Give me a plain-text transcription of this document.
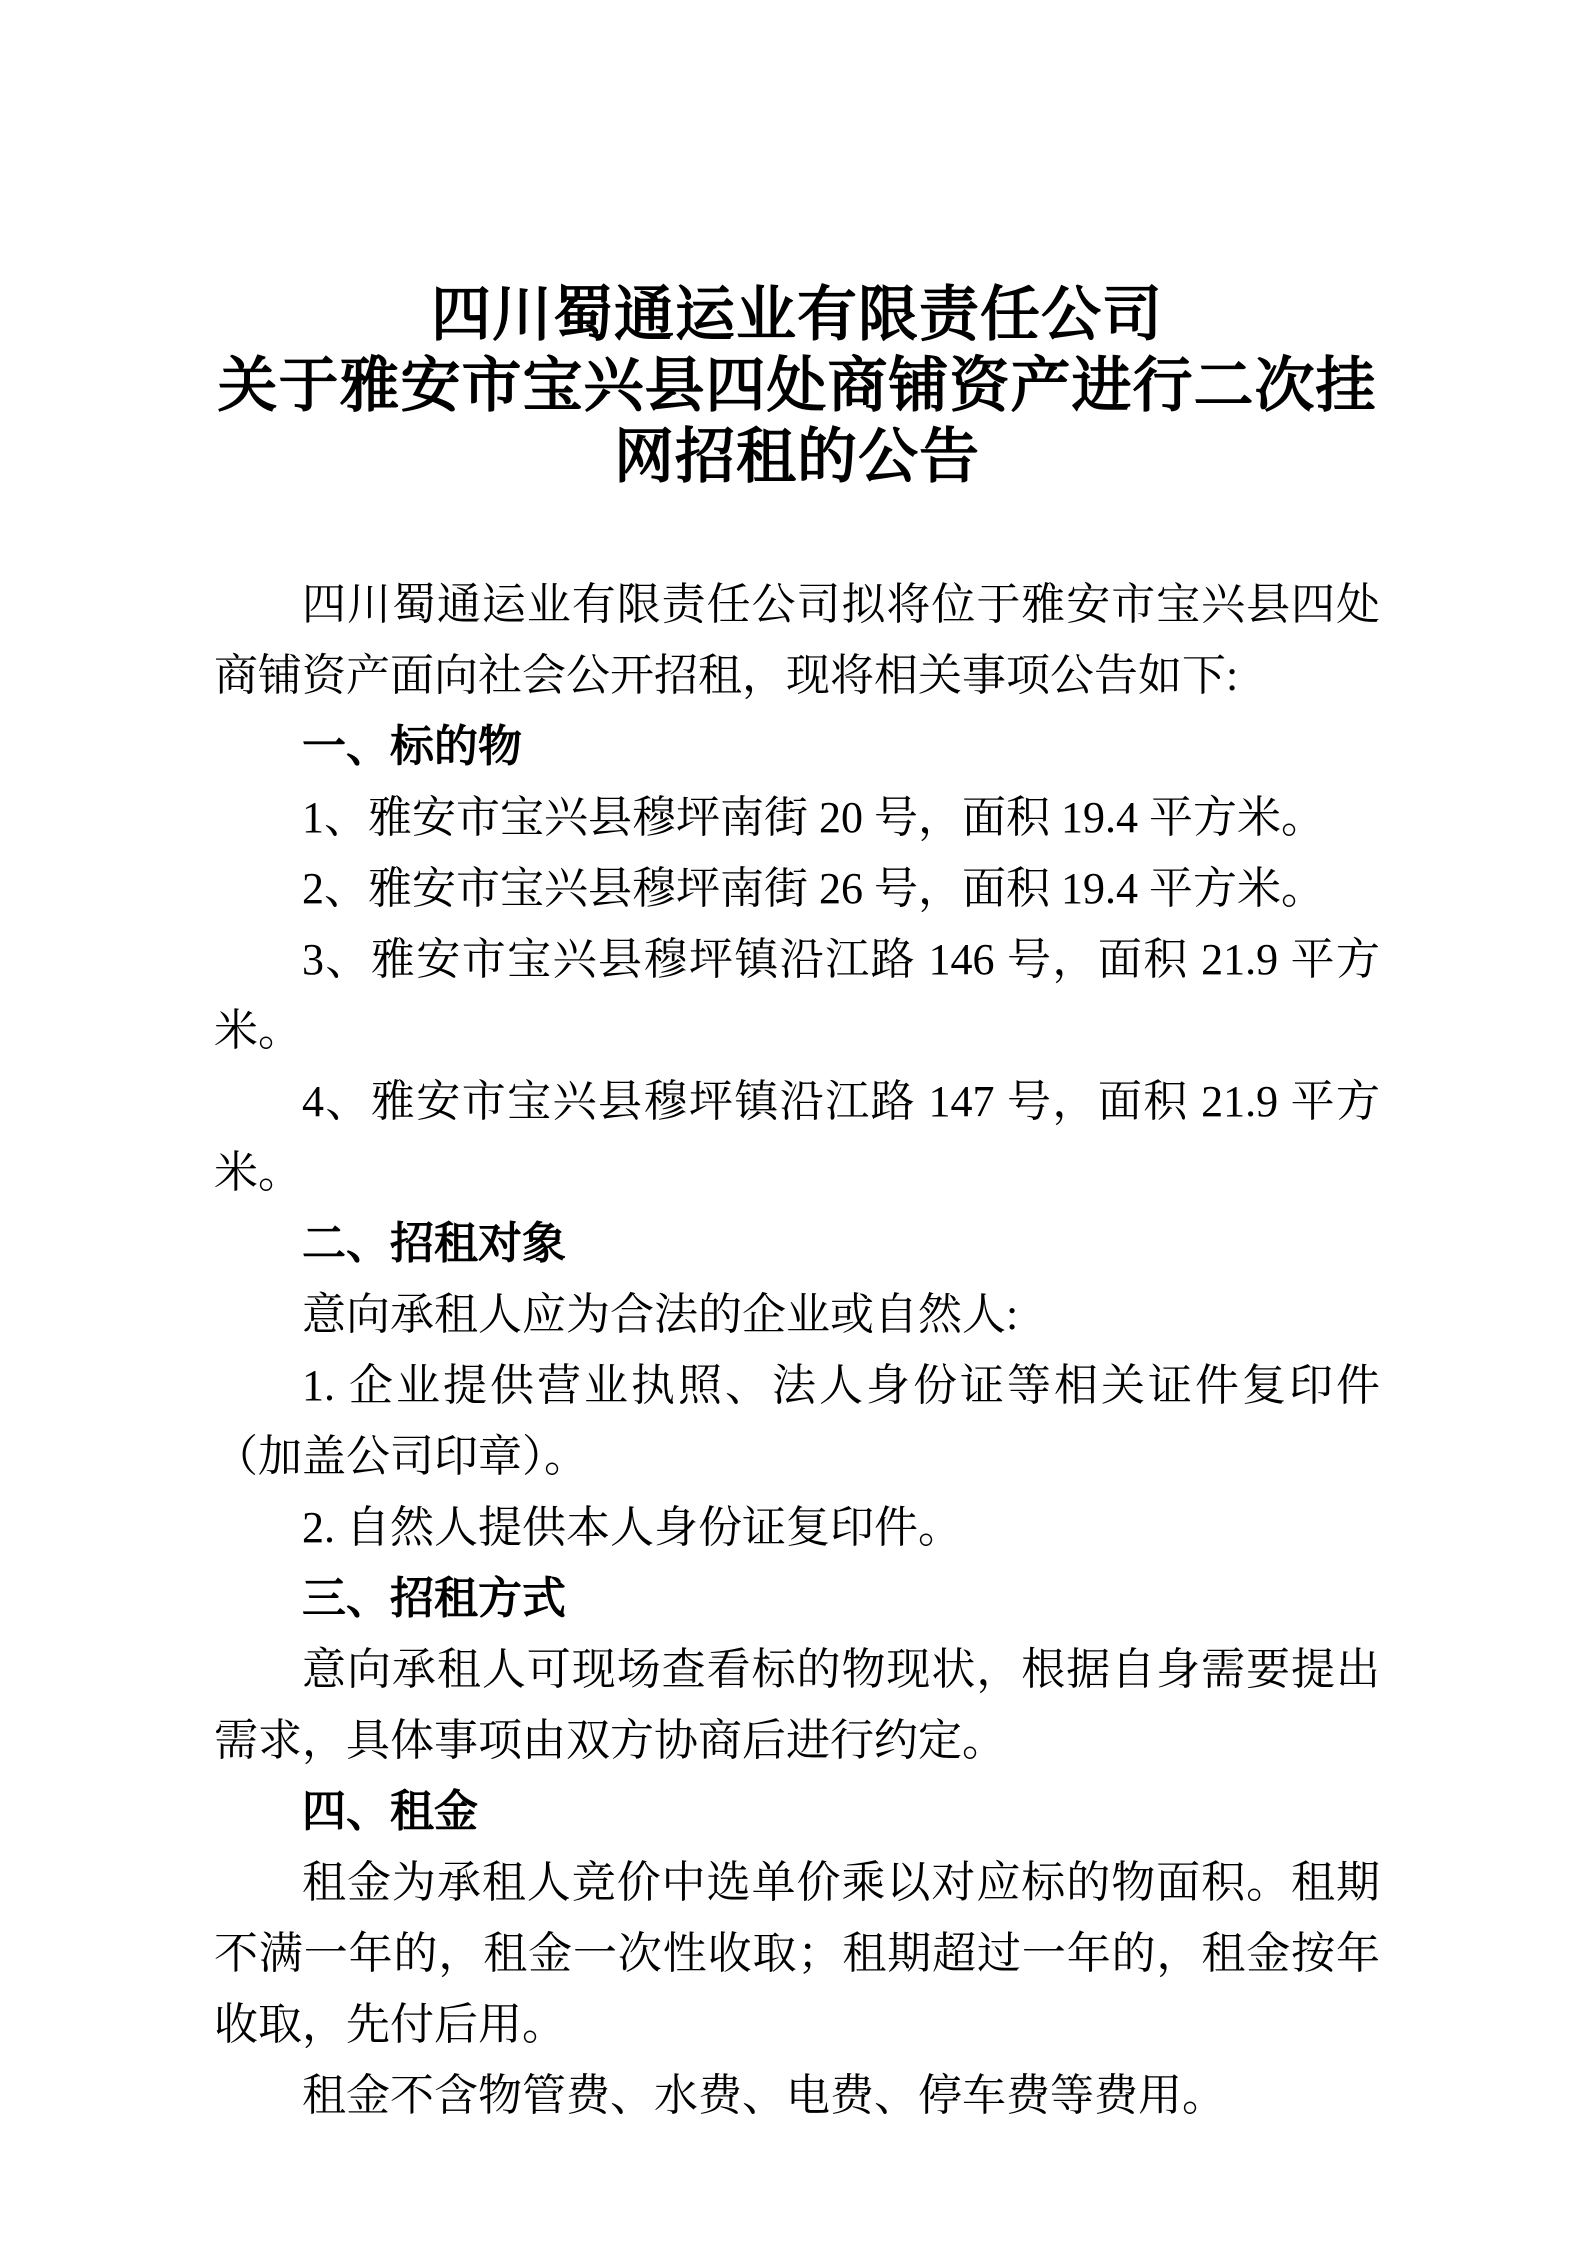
四川蜀通运业有限责任公司
关于雅安市宝兴县四处商铺资产进行二次挂
网招租的公告

四川蜀通运业有限责任公司拟将位于雅安市宝兴县四处商铺资产面向社会公开招租，现将相关事项公告如下:

一、标的物

1、雅安市宝兴县穆坪南街 20 号，面积 19.4 平方米。

2、雅安市宝兴县穆坪南街 26 号，面积 19.4 平方米。

3、雅安市宝兴县穆坪镇沿江路 146 号，面积 21.9 平方米。

4、雅安市宝兴县穆坪镇沿江路 147 号，面积 21.9 平方米。

二、招租对象

意向承租人应为合法的企业或自然人:

1. 企业提供营业执照、法人身份证等相关证件复印件（加盖公司印章）。

2. 自然人提供本人身份证复印件。

三、招租方式

意向承租人可现场查看标的物现状，根据自身需要提出需求，具体事项由双方协商后进行约定。

四、租金

租金为承租人竞价中选单价乘以对应标的物面积。租期不满一年的，租金一次性收取；租期超过一年的，租金按年收取，先付后用。

租金不含物管费、水费、电费、停车费等费用。
